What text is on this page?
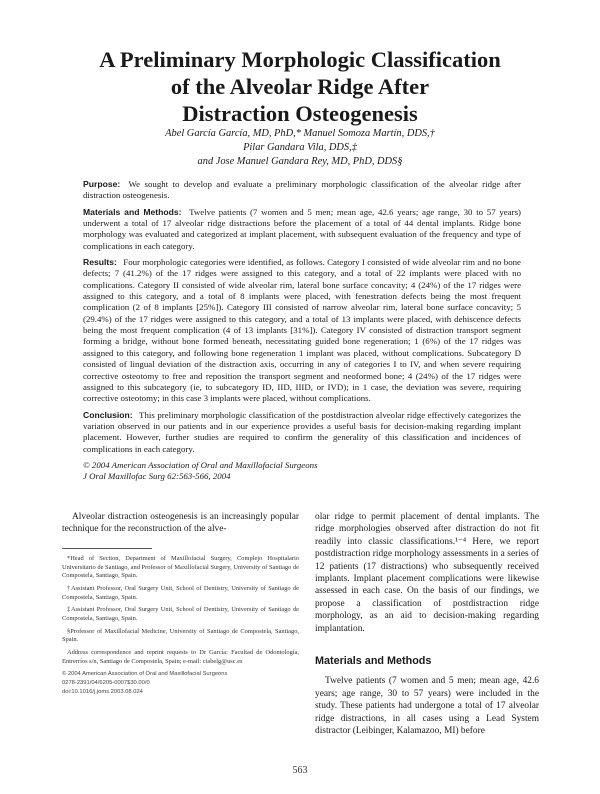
A Preliminary Morphologic Classification
of the Alveolar Ridge After
Distraction Osteogenesis
Abel García García, MD, PhD,* Manuel Somoza Martín, DDS,†
Pilar Gandara Vila, DDS,‡
and Jose Manuel Gandara Rey, MD, PhD, DDS§

Purpose: We sought to develop and evaluate a preliminary morphologic classification of the alveolar ridge after distraction osteogenesis.

Materials and Methods: Twelve patients (7 women and 5 men; mean age, 42.6 years; age range, 30 to 57 years) underwent a total of 17 alveolar ridge distractions before the placement of a total of 44 dental implants. Ridge bone morphology was evaluated and categorized at implant placement, with subsequent evaluation of the frequency and type of complications in each category.

Results: Four morphologic categories were identified, as follows. Category I consisted of wide alveolar rim and no bone defects; 7 (41.2%) of the 17 ridges were assigned to this category, and a total of 22 implants were placed with no complications. Category II consisted of wide alveolar rim, lateral bone surface concavity; 4 (24%) of the 17 ridges were assigned to this category, and a total of 8 implants were placed, with fenestration defects being the most frequent complication (2 of 8 implants [25%]). Category III consisted of narrow alveolar rim, lateral bone surface concavity; 5 (29.4%) of the 17 ridges were assigned to this category, and a total of 13 implants were placed, with dehiscence defects being the most frequent complication (4 of 13 implants [31%]). Category IV consisted of distraction transport segment forming a bridge, without bone formed beneath, necessitating guided bone regeneration; 1 (6%) of the 17 ridges was assigned to this category, and following bone regeneration 1 implant was placed, without complications. Subcategory D consisted of lingual deviation of the distraction axis, occurring in any of categories I to IV, and when severe requiring corrective osteotomy to free and reposition the transport segment and neoformed bone; 4 (24%) of the 17 ridges were assigned to this subcategory (ie, to subcategory ID, IID, IIID, or IVD); in 1 case, the deviation was severe, requiring corrective osteotomy; in this case 3 implants were placed, without complications.

Conclusion: This preliminary morphologic classification of the postdistraction alveolar ridge effectively categorizes the variation observed in our patients and in our experience provides a useful basis for decision-making regarding implant placement. However, further studies are required to confirm the generality of this classification and incidences of complications in each category.

© 2004 American Association of Oral and Maxillofacial Surgeons
J Oral Maxillofac Surg 62:563-566, 2004

Alveolar distraction osteogenesis is an increasingly popular technique for the reconstruction of the alve-

*Head of Section, Department of Maxillofacial Surgery, Complejo Hospitalario Universitario de Santiago, and Professor of Maxillofacial Surgery, University of Santiago de Compostela, Santiago, Spain.

†Assistant Professor, Oral Surgery Unit, School of Dentistry, University of Santiago de Compostela, Santiago, Spain.

‡Assistant Professor, Oral Surgery Unit, School of Dentistry, University of Santiago de Compostela, Santiago, Spain.

§Professor of Maxillofacial Medicine, University of Santiago de Compostela, Santiago, Spain.

Address correspondence and reprint requests to Dr García: Facultad de Odontología, Entrerríos s/n, Santiago de Compostela, Spain; e-mail: ciabelg@usc.es

© 2004 American Association of Oral and Maxillofacial Surgeons

0278-2391/04/6205-0007$30.00/0

doi:10.1016/j.joms.2003.08.024

olar ridge to permit placement of dental implants. The ridge morphologies observed after distraction do not fit readily into classic classifications.¹⁻⁴ Here, we report postdistraction ridge morphology assessments in a series of 12 patients (17 distractions) who subsequently received implants. Implant placement complications were likewise assessed in each case. On the basis of our findings, we propose a classification of postdistraction ridge morphology, as an aid to decision-making regarding implantation.

Materials and Methods

Twelve patients (7 women and 5 men; mean age, 42.6 years; age range, 30 to 57 years) were included in the study. These patients had undergone a total of 17 alveolar ridge distractions, in all cases using a Lead System distractor (Leibinger, Kalamazoo, MI) before

563
